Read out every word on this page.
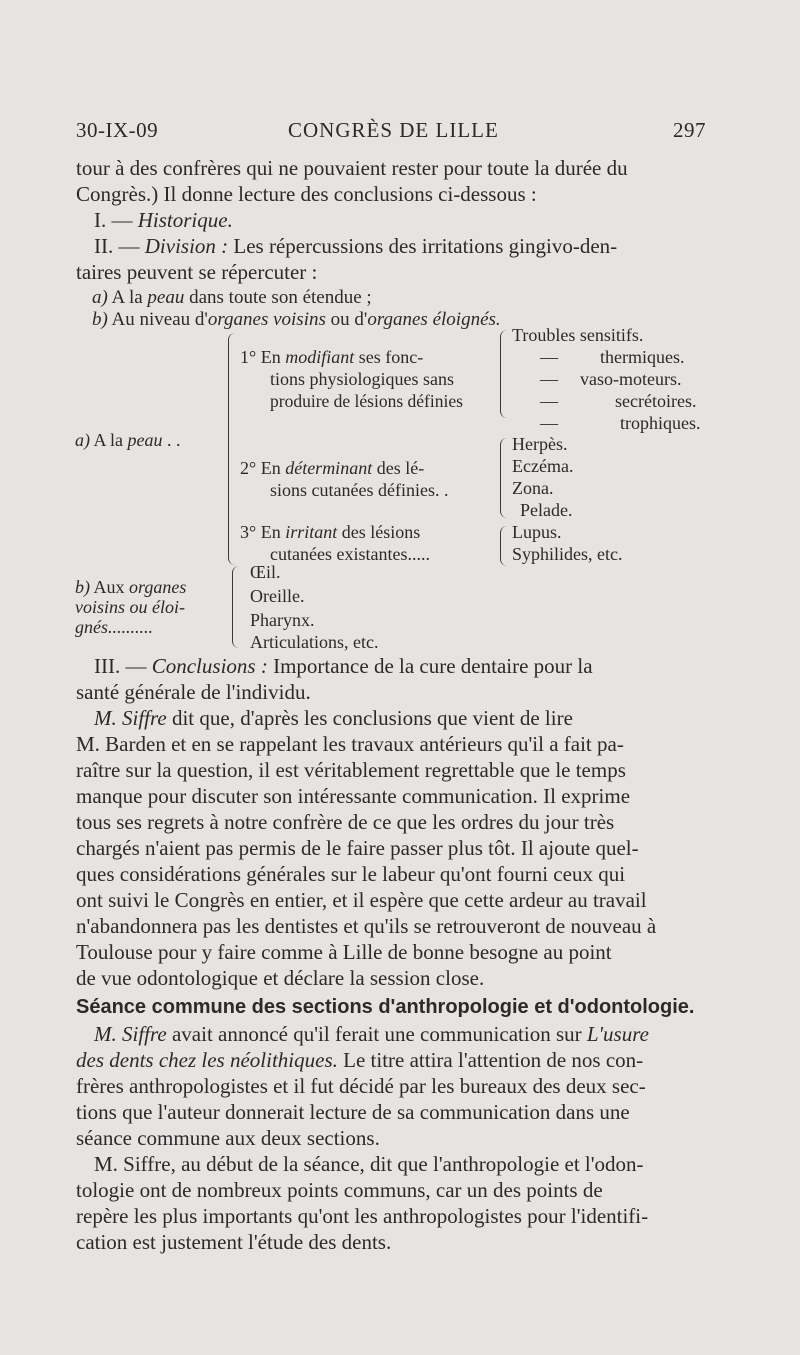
30-IX-09	CONGRÈS DE LILLE	297
tour à des confrères qui ne pouvaient rester pour toute la durée du
Congrès.) Il donne lecture des conclusions ci-dessous :
I. — Historique.
II. — Division : Les répercussions des irritations gingivo-den-
taires peuvent se répercuter :
a) A la peau dans toute son étendue ;
b) Au niveau d'organes voisins ou d'organes éloignés.
a) A la peau . .
1° En modifiant ses fonc-
tions physiologiques sans
produire de lésions définies
Troubles sensitifs.
— thermiques.
— vaso-moteurs.
—	secrétoires.
—	trophiques.
2° En déterminant des lé-
sions cutanées définies. .
Herpès.
Eczéma.
Zona.
Pelade.
3° En irritant des lésions
cutanées existantes.....
Lupus.
Syphilides, etc.
b) Aux organes
voisins ou éloi-
gnés..........
Œil.
Oreille.
Pharynx.
Articulations, etc.
III. — Conclusions : Importance de la cure dentaire pour la
santé générale de l'individu.
M. Siffre dit que, d'après les conclusions que vient de lire
M. Barden et en se rappelant les travaux antérieurs qu'il a fait pa-
raître sur la question, il est véritablement regrettable que le temps
manque pour discuter son intéressante communication. Il exprime
tous ses regrets à notre confrère de ce que les ordres du jour très
chargés n'aient pas permis de le faire passer plus tôt. Il ajoute quel-
ques considérations générales sur le labeur qu'ont fourni ceux qui
ont suivi le Congrès en entier, et il espère que cette ardeur au travail
n'abandonnera pas les dentistes et qu'ils se retrouveront de nouveau à
Toulouse pour y faire comme à Lille de bonne besogne au point
de vue odontologique et déclare la session close.
Séance commune des sections d'anthropologie et d'odontologie.
M. Siffre avait annoncé qu'il ferait une communication sur L'usure
des dents chez les néolithiques. Le titre attira l'attention de nos con-
frères anthropologistes et il fut décidé par les bureaux des deux sec-
tions que l'auteur donnerait lecture de sa communication dans une
séance commune aux deux sections.
M. Siffre, au début de la séance, dit que l'anthropologie et l'odon-
tologie ont de nombreux points communs, car un des points de
repère les plus importants qu'ont les anthropologistes pour l'identifi-
cation est justement l'étude des dents.
